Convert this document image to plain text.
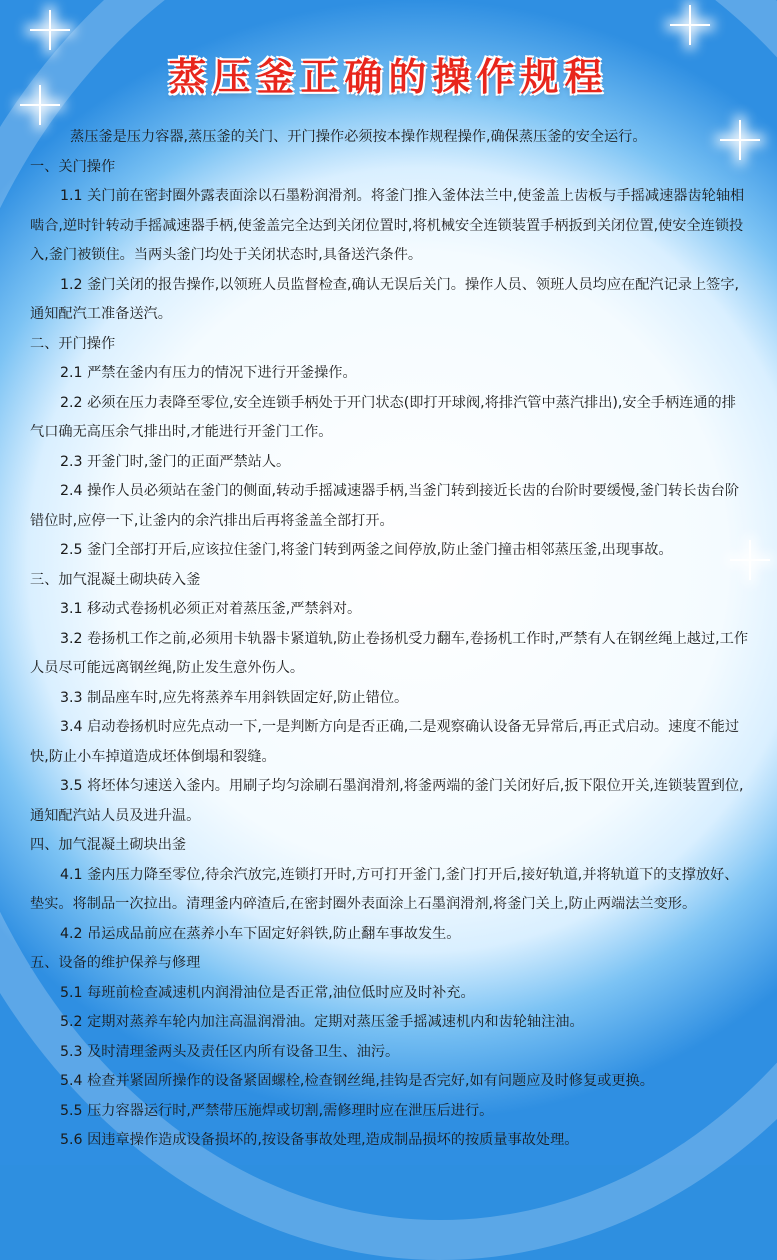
蒸压釜正确的操作规程

蒸压釜是压力容器,蒸压釜的关门、开门操作必须按本操作规程操作,确保蒸压釜的安全运行。

一、关门操作

1.1 关门前在密封圈外露表面涂以石墨粉润滑剂。将釜门推入釜体法兰中,使釜盖上齿板与手摇减速器齿轮轴相啮合,逆时针转动手摇减速器手柄,使釜盖完全达到关闭位置时,将机械安全连锁装置手柄扳到关闭位置,使安全连锁投入,釜门被锁住。当两头釜门均处于关闭状态时,具备送汽条件。

1.2 釜门关闭的报告操作,以领班人员监督检查,确认无误后关门。操作人员、领班人员均应在配汽记录上签字,通知配汽工准备送汽。

二、开门操作

2.1 严禁在釜内有压力的情况下进行开釜操作。

2.2 必须在压力表降至零位,安全连锁手柄处于开门状态(即打开球阀,将排汽管中蒸汽排出),安全手柄连通的排气口确无高压余气排出时,才能进行开釜门工作。

2.3 开釜门时,釜门的正面严禁站人。

2.4 操作人员必须站在釜门的侧面,转动手摇减速器手柄,当釜门转到接近长齿的台阶时要缓慢,釜门转长齿台阶错位时,应停一下,让釜内的余汽排出后再将釜盖全部打开。

2.5 釜门全部打开后,应该拉住釜门,将釜门转到两釜之间停放,防止釜门撞击相邻蒸压釜,出现事故。

三、加气混凝土砌块砖入釜

3.1 移动式卷扬机必须正对着蒸压釜,严禁斜对。

3.2 卷扬机工作之前,必须用卡轨器卡紧道轨,防止卷扬机受力翻车,卷扬机工作时,严禁有人在钢丝绳上越过,工作人员尽可能远离钢丝绳,防止发生意外伤人。

3.3 制品座车时,应先将蒸养车用斜铁固定好,防止错位。

3.4 启动卷扬机时应先点动一下,一是判断方向是否正确,二是观察确认设备无异常后,再正式启动。速度不能过快,防止小车掉道造成坯体倒塌和裂缝。

3.5 将坯体匀速送入釜内。用刷子均匀涂刷石墨润滑剂,将釜两端的釜门关闭好后,扳下限位开关,连锁装置到位,通知配汽站人员及进升温。

四、加气混凝土砌块出釜

4.1 釜内压力降至零位,待余汽放完,连锁打开时,方可打开釜门,釜门打开后,接好轨道,并将轨道下的支撑放好、垫实。将制品一次拉出。清理釜内碎渣后,在密封圈外表面涂上石墨润滑剂,将釜门关上,防止两端法兰变形。

4.2 吊运成品前应在蒸养小车下固定好斜铁,防止翻车事故发生。

五、设备的维护保养与修理

5.1 每班前检查减速机内润滑油位是否正常,油位低时应及时补充。

5.2 定期对蒸养车轮内加注高温润滑油。定期对蒸压釜手摇减速机内和齿轮轴注油。

5.3 及时清理釜两头及责任区内所有设备卫生、油污。

5.4 检查并紧固所操作的设备紧固螺栓,检查钢丝绳,挂钩是否完好,如有问题应及时修复或更换。

5.5 压力容器运行时,严禁带压施焊或切割,需修理时应在泄压后进行。

5.6 因违章操作造成设备损坏的,按设备事故处理,造成制品损坏的按质量事故处理。
